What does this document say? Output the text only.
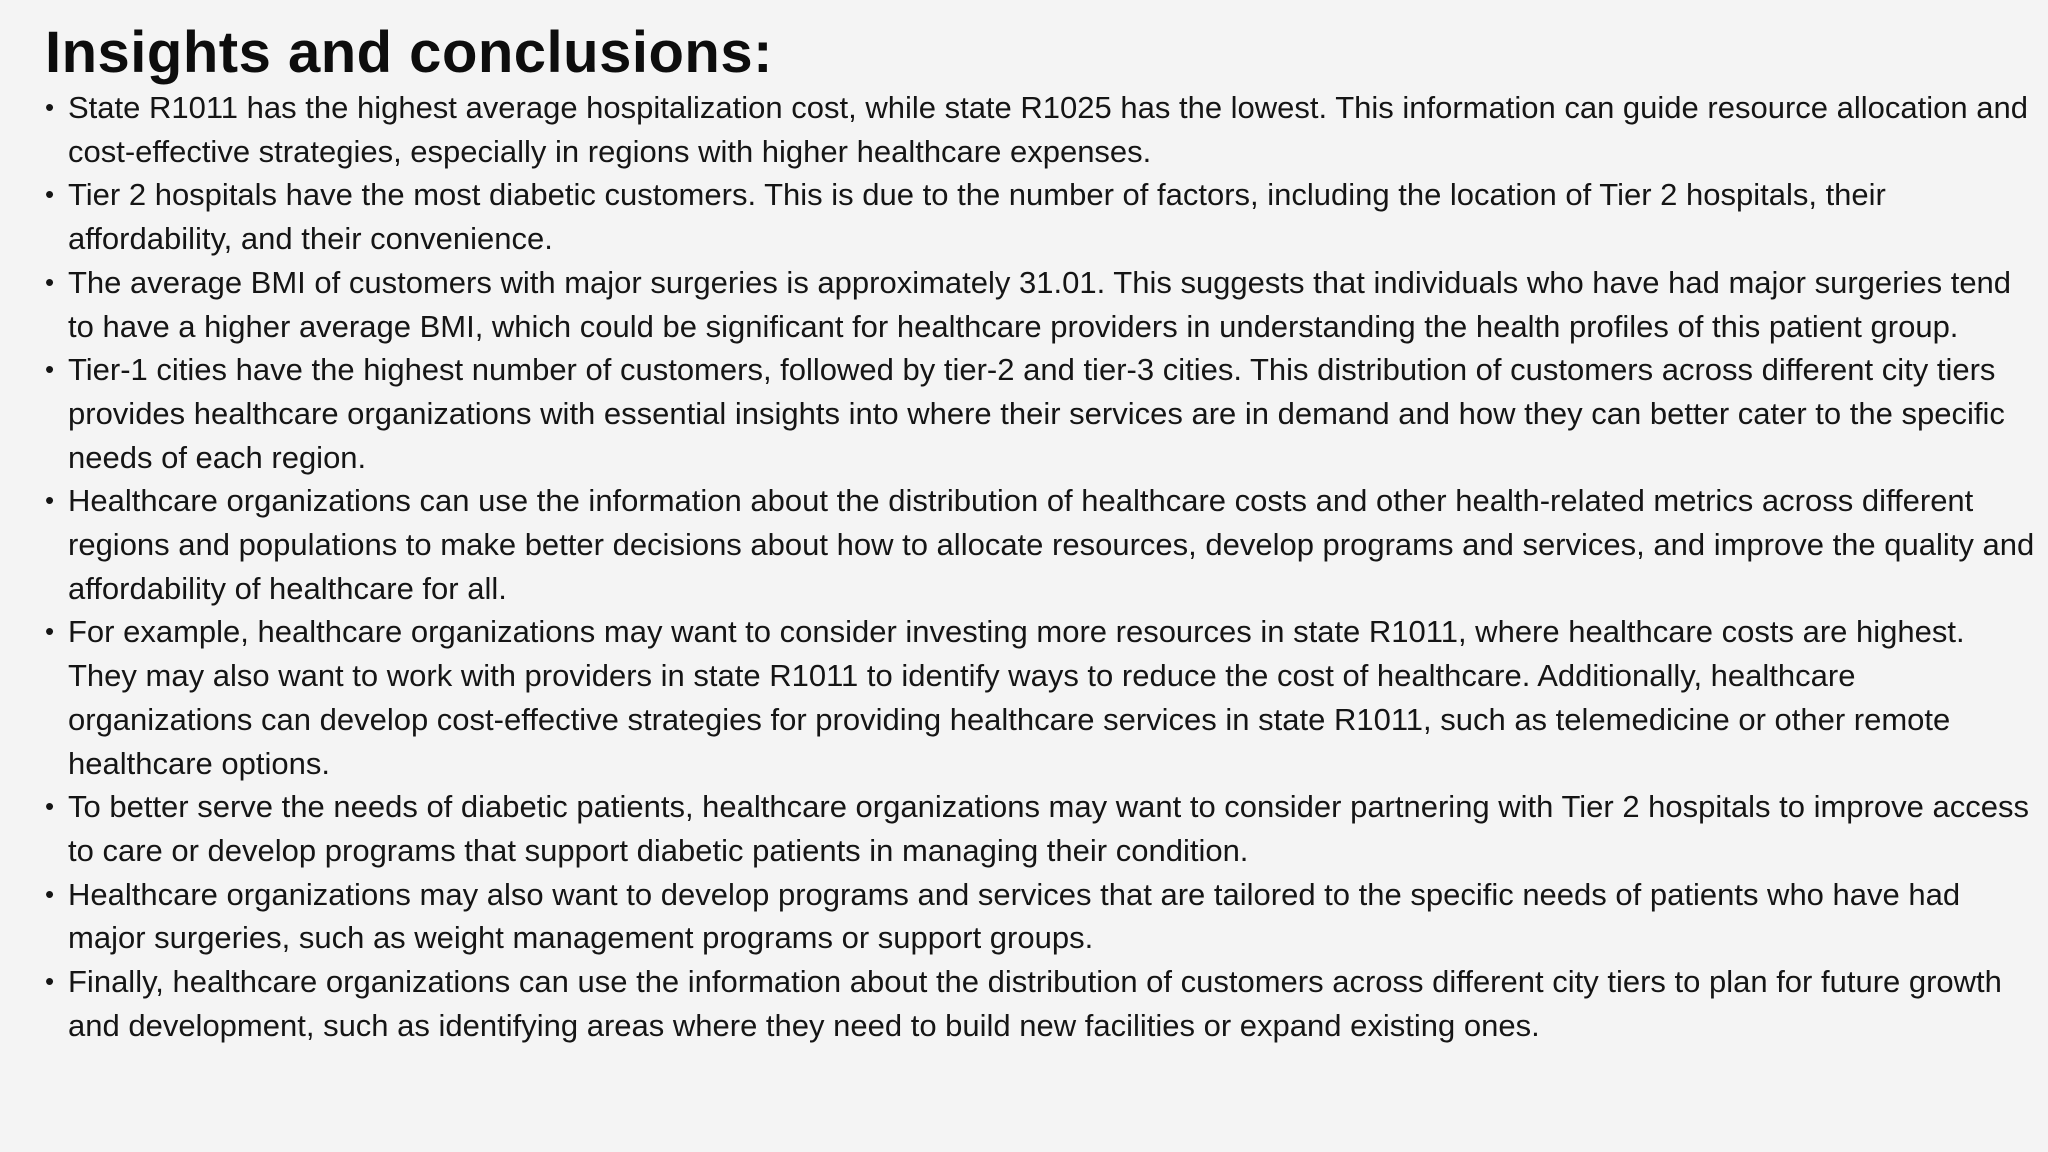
Insights and conclusions:
• State R1011 has the highest average hospitalization cost, while state R1025 has the lowest. This information can guide resource allocation and cost-effective strategies, especially in regions with higher healthcare expenses.
• Tier 2 hospitals have the most diabetic customers. This is due to the number of factors, including the location of Tier 2 hospitals, their affordability, and their convenience.
• The average BMI of customers with major surgeries is approximately 31.01. This suggests that individuals who have had major surgeries tend to have a higher average BMI, which could be significant for healthcare providers in understanding the health profiles of this patient group.
• Tier-1 cities have the highest number of customers, followed by tier-2 and tier-3 cities. This distribution of customers across different city tiers provides healthcare organizations with essential insights into where their services are in demand and how they can better cater to the specific needs of each region.
• Healthcare organizations can use the information about the distribution of healthcare costs and other health-related metrics across different regions and populations to make better decisions about how to allocate resources, develop programs and services, and improve the quality and affordability of healthcare for all.
• For example, healthcare organizations may want to consider investing more resources in state R1011, where healthcare costs are highest. They may also want to work with providers in state R1011 to identify ways to reduce the cost of healthcare. Additionally, healthcare organizations can develop cost-effective strategies for providing healthcare services in state R1011, such as telemedicine or other remote healthcare options.
• To better serve the needs of diabetic patients, healthcare organizations may want to consider partnering with Tier 2 hospitals to improve access to care or develop programs that support diabetic patients in managing their condition.
• Healthcare organizations may also want to develop programs and services that are tailored to the specific needs of patients who have had major surgeries, such as weight management programs or support groups.
• Finally, healthcare organizations can use the information about the distribution of customers across different city tiers to plan for future growth and development, such as identifying areas where they need to build new facilities or expand existing ones.
